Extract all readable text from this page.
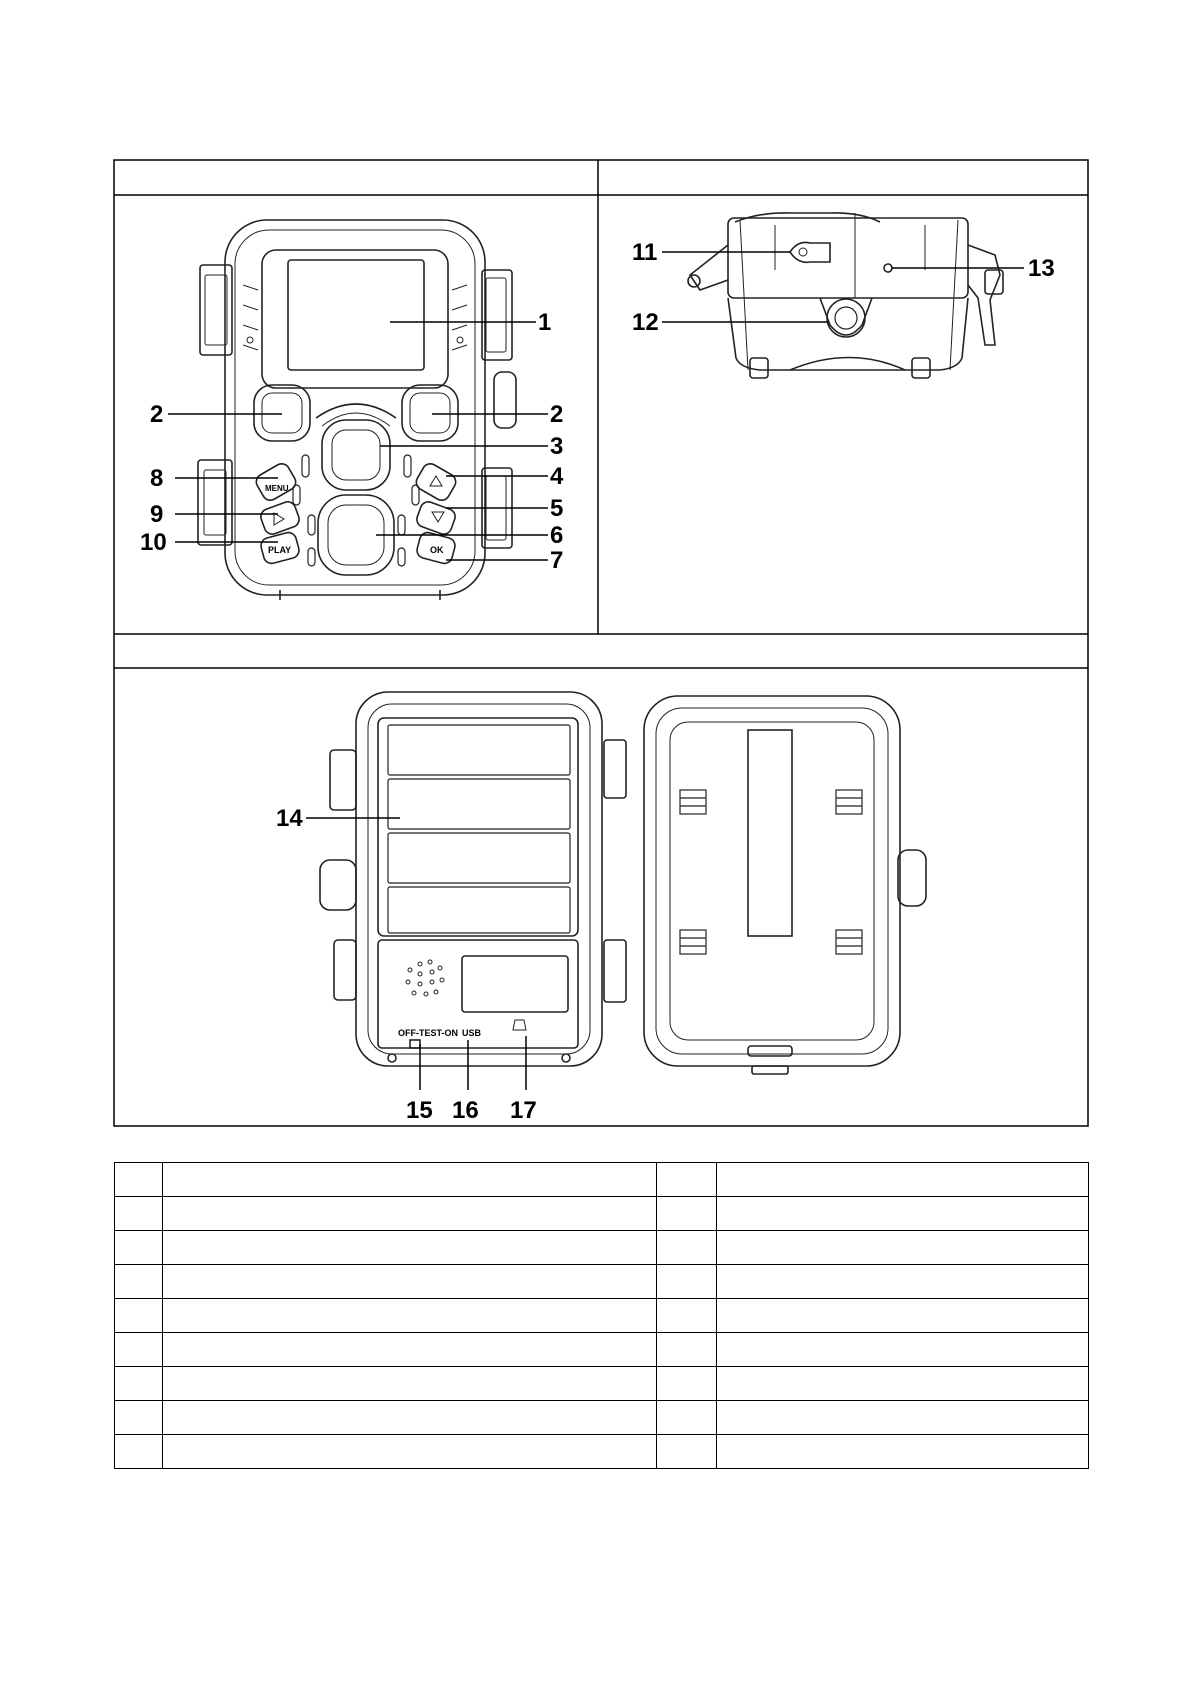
MENU
PLAY	OK
1
2	2
3
4
5
6
7
8
9
10
11
12
13
OFF-TEST-ON USB
14
15 16 17
